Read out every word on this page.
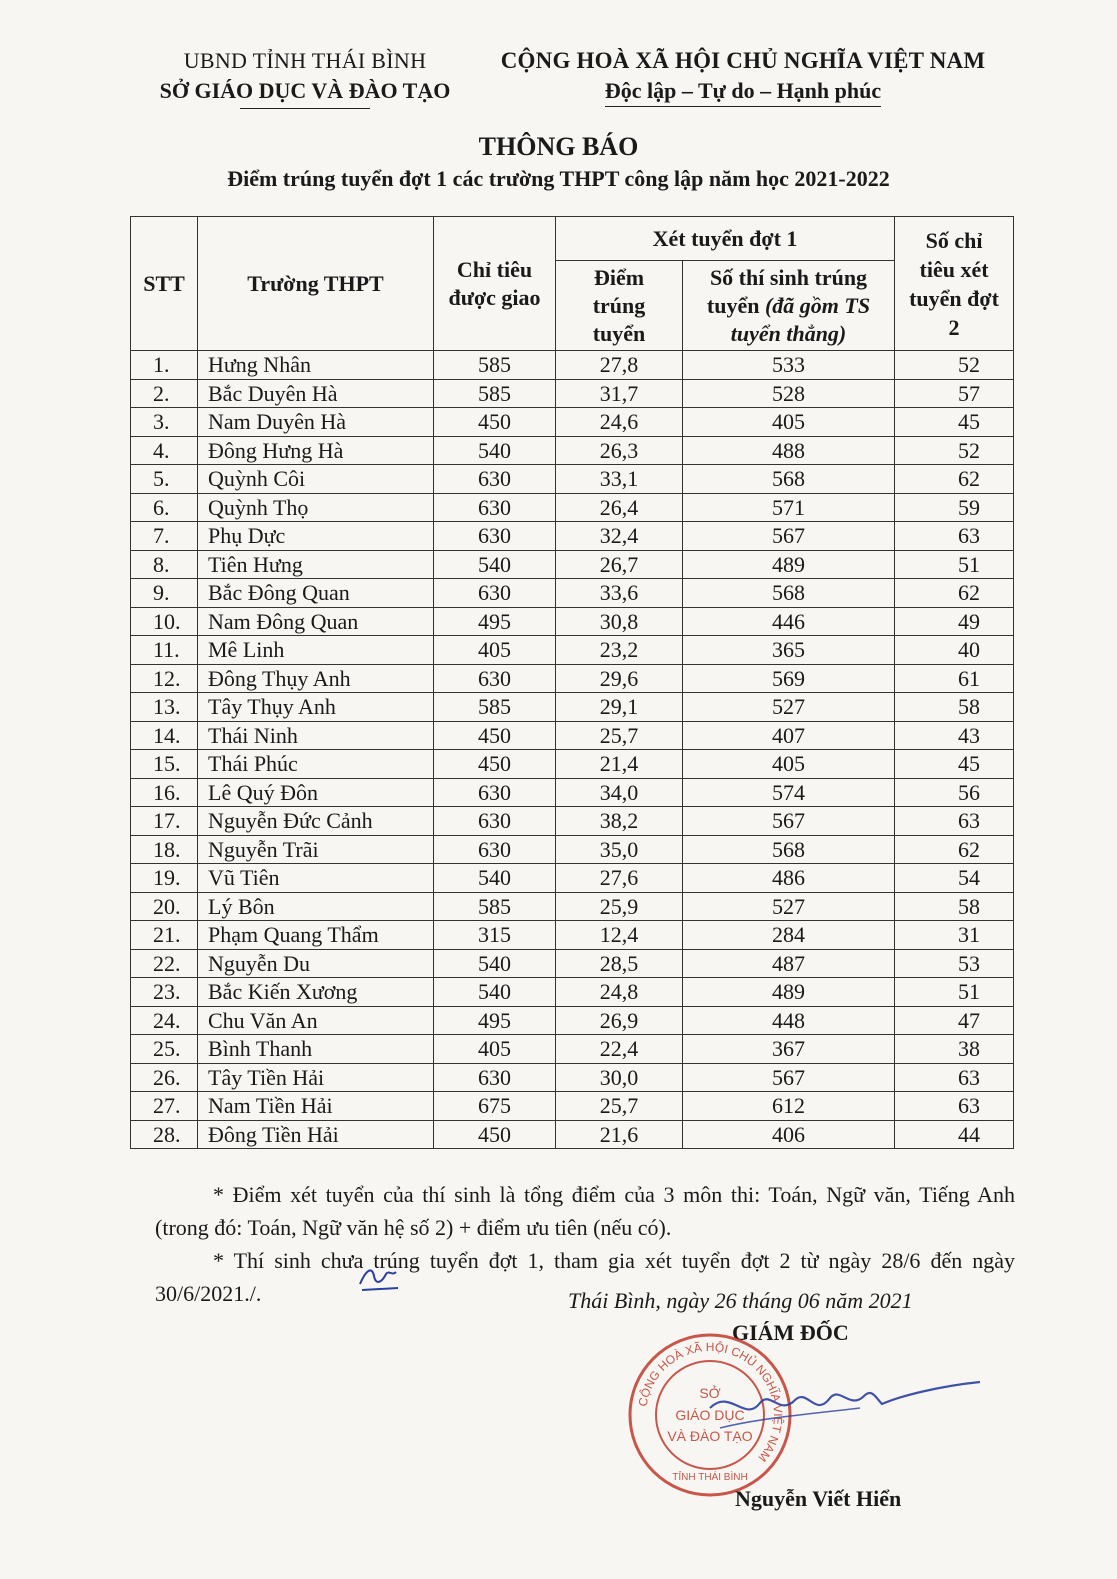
UBND TỈNH THÁI BÌNH
SỞ GIÁO DỤC VÀ ĐÀO TẠO
CỘNG HOÀ XÃ HỘI CHỦ NGHĨA VIỆT NAM
Độc lập – Tự do – Hạnh phúc
THÔNG BÁO
Điểm trúng tuyển đợt 1 các trường THPT công lập năm học 2021-2022
STT	Trường THPT	Chỉ tiêu được giao	Xét tuyển đợt 1		Số chỉ tiêu xét tuyển đợt 2
			Điểm trúng tuyển	Số thí sinh trúng tuyển (đã gồm TS tuyển thẳng)	
1.	Hưng Nhân	585	27,8	533	52
2.	Bắc Duyên Hà	585	31,7	528	57
3.	Nam Duyên Hà	450	24,6	405	45
4.	Đông Hưng Hà	540	26,3	488	52
5.	Quỳnh Côi	630	33,1	568	62
6.	Quỳnh Thọ	630	26,4	571	59
7.	Phụ Dực	630	32,4	567	63
8.	Tiên Hưng	540	26,7	489	51
9.	Bắc Đông Quan	630	33,6	568	62
10.	Nam Đông Quan	495	30,8	446	49
11.	Mê Linh	405	23,2	365	40
12.	Đông Thụy Anh	630	29,6	569	61
13.	Tây Thụy Anh	585	29,1	527	58
14.	Thái Ninh	450	25,7	407	43
15.	Thái Phúc	450	21,4	405	45
16.	Lê Quý Đôn	630	34,0	574	56
17.	Nguyễn Đức Cảnh	630	38,2	567	63
18.	Nguyễn Trãi	630	35,0	568	62
19.	Vũ Tiên	540	27,6	486	54
20.	Lý Bôn	585	25,9	527	58
21.	Phạm Quang Thẩm	315	12,4	284	31
22.	Nguyễn Du	540	28,5	487	53
23.	Bắc Kiến Xương	540	24,8	489	51
24.	Chu Văn An	495	26,9	448	47
25.	Bình Thanh	405	22,4	367	38
26.	Tây Tiền Hải	630	30,0	567	63
27.	Nam Tiền Hải	675	25,7	612	63
28.	Đông Tiền Hải	450	21,6	406	44

* Điểm xét tuyển của thí sinh là tổng điểm của 3 môn thi: Toán, Ngữ văn, Tiếng Anh (trong đó: Toán, Ngữ văn hệ số 2) + điểm ưu tiên (nếu có).

* Thí sinh chưa trúng tuyển đợt 1, tham gia xét tuyển đợt 2 từ ngày 28/6 đến ngày 30/6/2021./.	Thái Bình, ngày 26 tháng 06 năm 2021
GIÁM ĐỐC
CỘNG HOÀ XÃ HỘI CHỦ NGHĨA VIỆT NAM
SỞ
GIÁO DỤC
VÀ ĐÀO TẠO
TỈNH THÁI BÌNH
Nguyễn Viết Hiển
